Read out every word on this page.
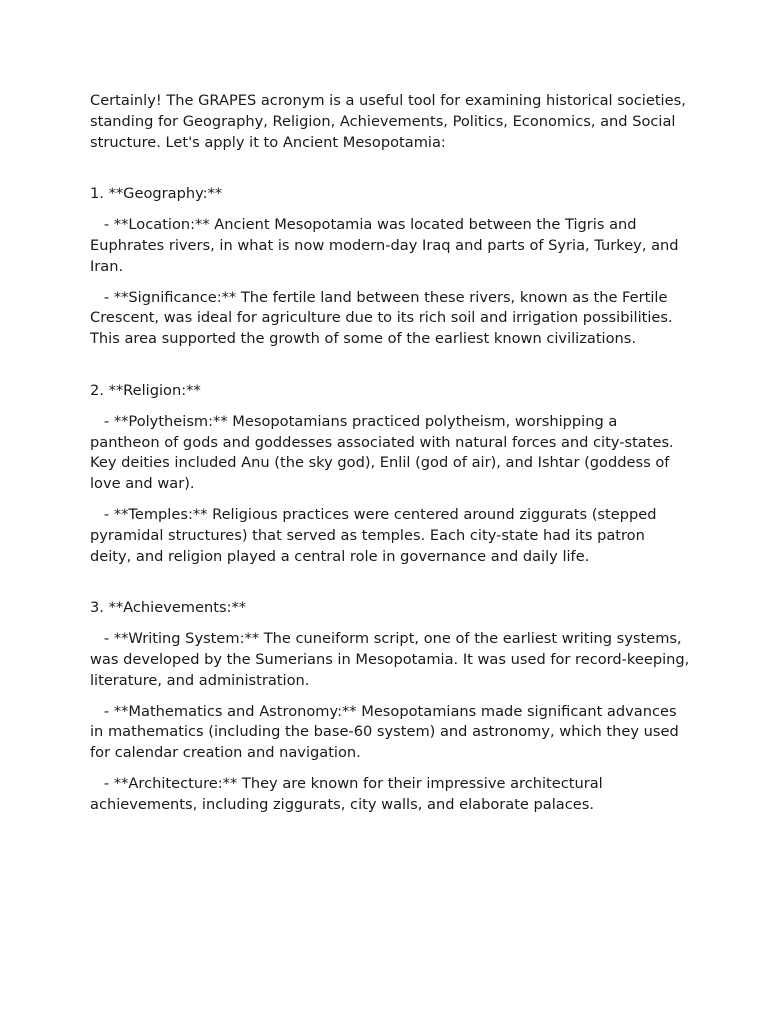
Certainly! The GRAPES acronym is a useful tool for examining historical societies, standing for Geography, Religion, Achievements, Politics, Economics, and Social structure. Let's apply it to Ancient Mesopotamia:

1. **Geography:**

- **Location:** Ancient Mesopotamia was located between the Tigris and Euphrates rivers, in what is now modern-day Iraq and parts of Syria, Turkey, and Iran.

- **Significance:** The fertile land between these rivers, known as the Fertile Crescent, was ideal for agriculture due to its rich soil and irrigation possibilities. This area supported the growth of some of the earliest known civilizations.

2. **Religion:**

- **Polytheism:** Mesopotamians practiced polytheism, worshipping a pantheon of gods and goddesses associated with natural forces and city-states. Key deities included Anu (the sky god), Enlil (god of air), and Ishtar (goddess of love and war).

- **Temples:** Religious practices were centered around ziggurats (stepped pyramidal structures) that served as temples. Each city-state had its patron deity, and religion played a central role in governance and daily life.

3. **Achievements:**

- **Writing System:** The cuneiform script, one of the earliest writing systems, was developed by the Sumerians in Mesopotamia. It was used for record-keeping, literature, and administration.

- **Mathematics and Astronomy:** Mesopotamians made significant advances in mathematics (including the base-60 system) and astronomy, which they used for calendar creation and navigation.

- **Architecture:** They are known for their impressive architectural achievements, including ziggurats, city walls, and elaborate palaces.
